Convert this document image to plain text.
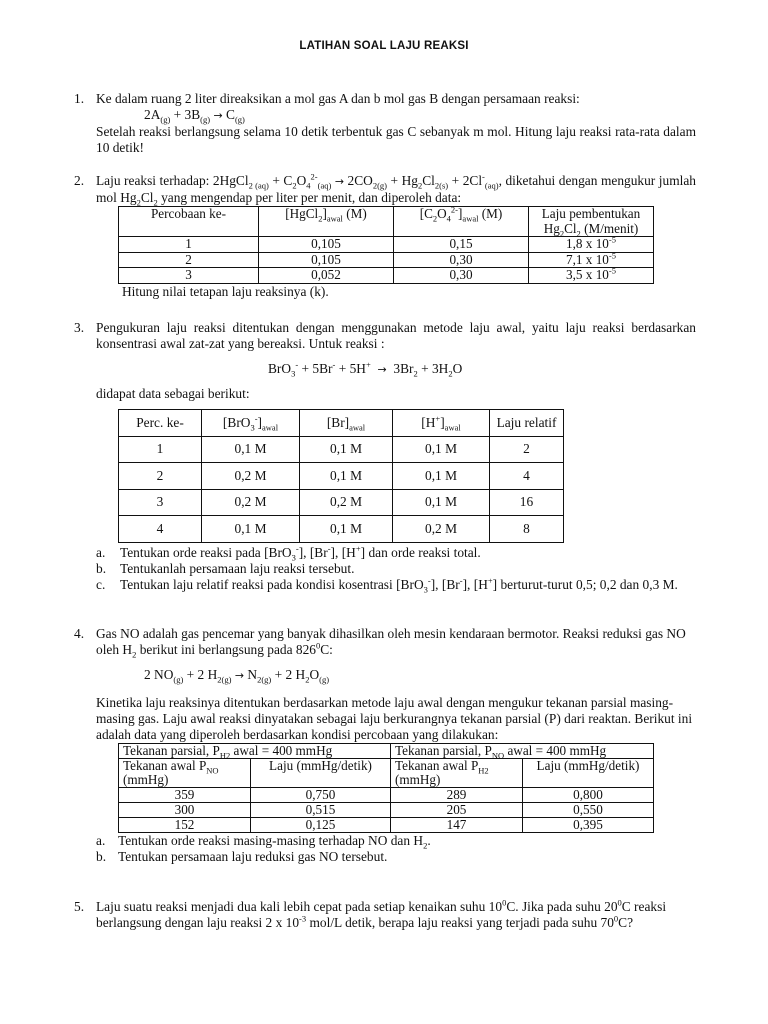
LATIHAN SOAL LAJU REAKSI
1. Ke dalam ruang 2 liter direaksikan a mol gas A dan b mol gas B dengan persamaan reaksi:
$2A_{(g)} + 3B_{(g)} \to C_{(g)}$
Setelah reaksi berlangsung selama 10 detik terbentuk gas C sebanyak m mol. Hitung laju reaksi rata-rata dalam 10 detik!
2. Laju reaksi terhadap: 2HgCl$_{2 (aq)}$ + $C_2O_4^{2-}_{(aq)} \to 2CO_{2(g)} + Hg_2Cl_{2(s)} + 2Cl^-_{(aq)}$, diketahui dengan mengukur jumlah mol $Hg_2Cl_2$ yang mengendap per liter per menit, dan diperoleh data:
Percobaan ke-	$[HgCl_2]_{awal}$ (M)	$[C_2O_4^{2-}]_{awal}$ (M)	Laju pembentukan
$Hg_2Cl_2$ (M/menit)
1	0,105	0,15	1,8 x $10^{-5}$
2	0,105	0,30	7,1 x $10^{-5}$
3	0,052	0,30	3,5 x $10^{-5}$
Hitung nilai tetapan laju reaksinya (k).
3. Pengukuran laju reaksi ditentukan dengan menggunakan metode laju awal, yaitu laju reaksi berdasarkan konsentrasi awal zat-zat yang bereaksi. Untuk reaksi :
$BrO_3^- + 5Br^- + 5H^+ \to 3Br_2 + 3H_2O$
didapat data sebagai berikut:
Perc. ke-	$[BrO_3^-]_{awal}$	$[Br]_{awal}$	$[H^+]_{awal}$	Laju relatif
1	0,1 M	0,1 M	0,1 M	2
2	0,2 M	0,1 M	0,1 M	4
3	0,2 M	0,2 M	0,1 M	16
4	0,1 M	0,1 M	0,2 M	8
a. Tentukan orde reaksi pada [BrO$_3$-], [Br-], [H+] dan orde reaksi total.
b. Tentukanlah persamaan laju reaksi tersebut.
c. Tentukan laju relatif reaksi pada kondisi kosentrasi [BrO$_3$-], [Br-], [H+] berturut-turut 0,5; 0,2 dan 0,3 M.
4. Gas NO adalah gas pencemar yang banyak dihasilkan oleh mesin kendaraan bermotor. Reaksi reduksi gas NO oleh $H_2$ berikut ini berlangsung pada $826^0C$:
2 $NO_{(g)} + 2$ $H_{2(g)} \to N_{2(g)} + 2$ $H_2O_{(g)}$
Kinetika laju reaksinya ditentukan berdasarkan metode laju awal dengan mengukur tekanan parsial masing-masing gas. Laju awal reaksi dinyatakan sebagai laju berkurangnya tekanan parsial (P) dari reaktan. Berikut ini adalah data yang diperoleh berdasarkan kondisi percobaan yang dilakukan:
Tekanan parsial, $P_{H2}$ awal = 400 mmHg		Tekanan parsial, $P_{NO}$ awal = 400 mmHg	
Tekanan awal $P_{NO}$
(mmHg)	Laju (mmHg/detik)	Tekanan awal $P_{H2}$
(mmHg)	Laju (mmHg/detik)
359	0,750	289	0,800
300	0,515	205	0,550
152	0,125	147	0,395
a. Tentukan orde reaksi masing-masing terhadap NO dan $H_2$.
b. Tentukan persamaan laju reduksi gas NO tersebut.
5. Laju suatu reaksi menjadi dua kali lebih cepat pada setiap kenaikan suhu $10^0C$. Jika pada suhu $20^0C$ reaksi berlangsung dengan laju reaksi 2 x $10^{-3}$ mol/L detik, berapa laju reaksi yang terjadi pada suhu $70^0C$?
